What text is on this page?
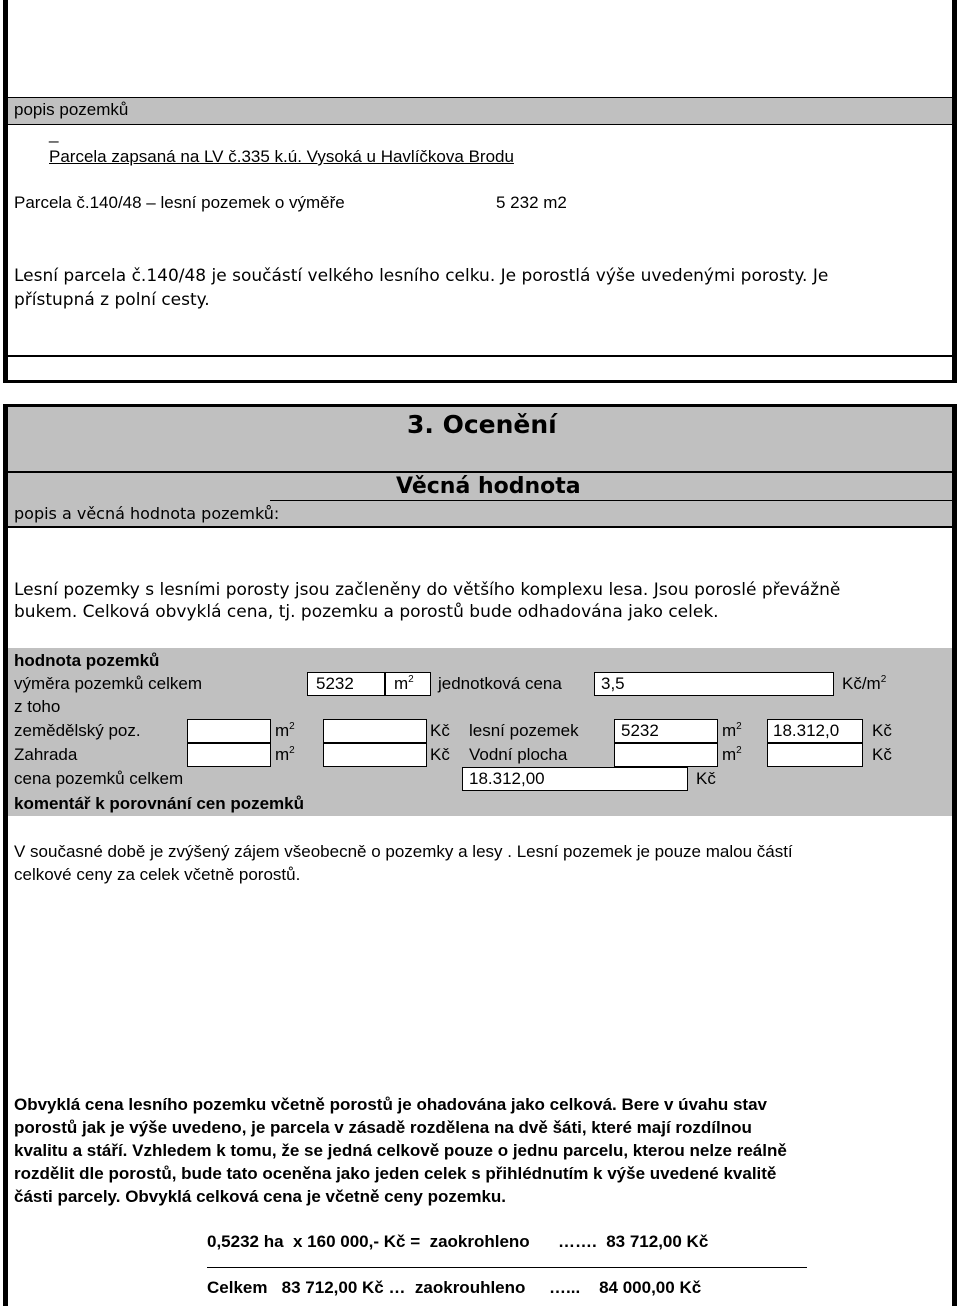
popis pozemků
_
Parcela zapsaná na LV č.335 k.ú. Vysoká u Havlíčkova Brodu
Parcela č.140/48 – lesní pozemek o výměře	5 232 m2
Lesní parcela č.140/48 je součástí velkého lesního celku. Je porostlá výše uvedenými porosty. Je
přístupná z polní cesty.
3. Ocenění
Věcná hodnota
popis a věcná hodnota pozemků:
Lesní pozemky s lesními porosty jsou začleněny do většího komplexu lesa. Jsou poroslé převážně
bukem. Celková obvyklá cena, tj. pozemku a porostů bude odhadována jako celek.
hodnota pozemků
výměra pozemků celkem	5232 $m^2$ jednotková cena 3,5	$Kč/m^2$
z toho
zemědělský poz.	$m^2$	Kč lesní pozemek 5232	$m^2$ 18.312,0 Kč
Zahrada	$m^2$	Kč Vodní plocha	$m^2$	Kč
cena pozemků celkem	18.312,00	Kč
komentář k porovnání cen pozemků
V současné době je zvýšený zájem všeobecně o pozemky a lesy . Lesní pozemek je pouze malou částí
celkové ceny za celek včetně porostů.
Obvyklá cena lesního pozemku včetně porostů je ohadována jako celková. Bere v úvahu stav
porostů jak je výše uvedeno, je parcela v zásadě rozdělena na dvě šáti, které mají rozdílnou
kvalitu a stáří. Vzhledem k tomu, že se jedná celkově pouze o jednu parcelu, kterou nelze reálně
rozdělit dle porostů, bude tato oceněna jako jeden celek s přihlédnutím k výše uvedené kvalitě
části parcely. Obvyklá celková cena je včetně ceny pozemku.
0,5232 ha  x 160 000,- Kč =  zaokrohleno      …….  83 712,00 Kč
Celkem   83 712,00 Kč …  zaokrouhleno     …...    84 000,00 Kč
